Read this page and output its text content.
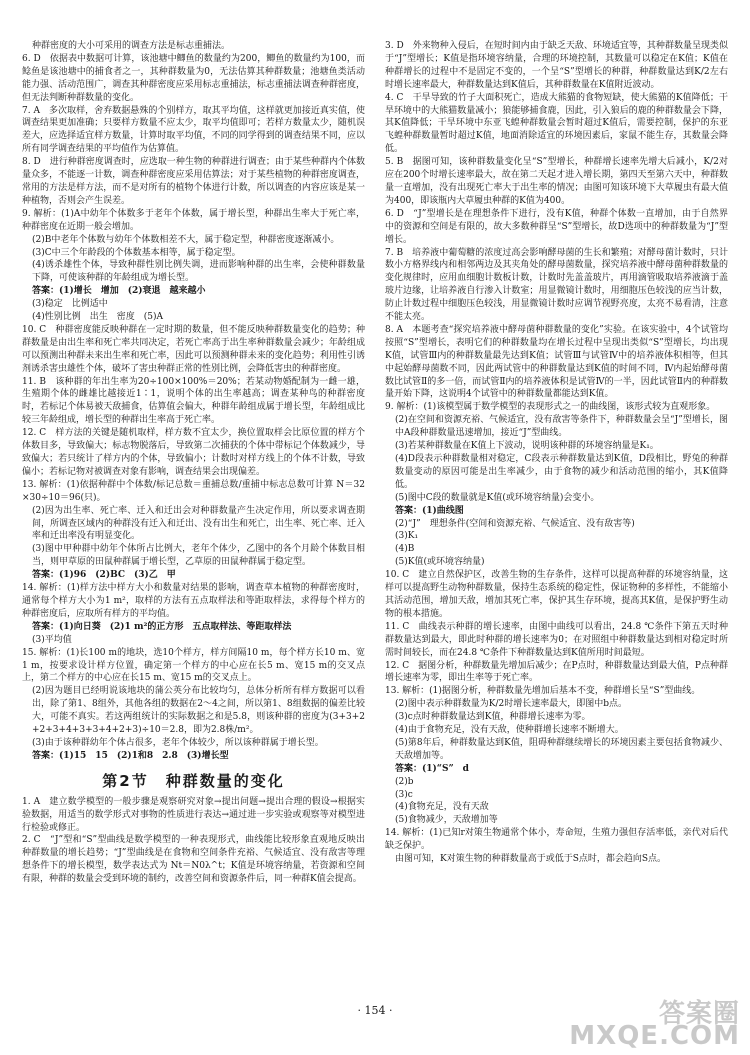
种群密度的大小可采用的调查方法是标志重捕法。

6. D　依据表中数据可计算，该池塘中鲫鱼的数量约为200，鲫鱼的数量约为100，而鲶鱼是该池塘中的捕食者之一，其种群数量为0，无法估算其种群数量；池塘鱼类活动能力强、活动范围广，调查其种群密度应采用标志重捕法，标志重捕法调查种群密度，但无法判断种群数量的变化。

7. A　多次取样，舍弃数据悬殊的个别样方，取其平均值，这样就更加接近真实值，使调查结果更加准确；只要样方数量不应太少，取平均值即可；若样方数量太少，随机误差大，应选择适宜样方数量，计算时取平均值，不同的同学得到的调查结果不同，应以所有同学调查结果的平均值作为估算值。

8. D　进行种群密度调查时，应选取一种生物的种群进行调查；由于某些种群内个体数量众多，不能逐一计数，调查种群密度应采用估算法；对于某些植物的种群密度调查，常用的方法是样方法，而不是对所有的植物个体进行计数，所以调查的内容应该是某一种植物，否则会产生误差。

9. 解析：(1)A中幼年个体数多于老年个体数，属于增长型，种群出生率大于死亡率，种群密度在近期一般会增加。

(2)B中老年个体数与幼年个体数相差不大，属于稳定型，种群密度逐渐减小。

(3)C中三个年龄段的个体数基本相等，属于稳定型。

(4)诱杀雄性个体，导致种群性别比例失调，进而影响种群的出生率，会使种群数量下降，可使该种群的年龄组成为增长型。

答案：(1)增长　增加　(2)衰退　越来越小

(3)稳定　比例适中

(4)性别比例　出生　密度　(5)A

10. C　种群密度能反映种群在一定时期的数量，但不能反映种群数量变化的趋势；种群数量是由出生率和死亡率共同决定，若死亡率高于出生率种群数量会减少；年龄组成可以预测出种群未来出生率和死亡率，因此可以预测种群未来的变化趋势；利用性引诱剂诱杀害虫雄性个体，破坏了害虫种群正常的性别比例，会降低害虫的种群密度。

11. B　该种群的年出生率为20÷100×100%＝20%；若某动物婚配制为一雌一雄，生殖期个体的雌雄比越接近1∶1，说明个体的出生率越高；调查某种鸟的种群密度时，若标记个体易被天敌捕食，估算值会偏大，种群年龄组成属于增长型，年龄组成比较三年龄组成，增长型的种群出生率高于死亡率。

12. C　样方法的关键是随机取样，样方数不宜太少，换位置取样会比原位置的样方个体数目多，导致偏大；标志物脱落后，导致第二次捕获的个体中带标记个体数减少，导致偏大；若只统计了样方内的个体，导致偏小；计数时对样方线上的个体不计数，导致偏小；若标记物对被调查对象有影响，调查结果会出现偏差。

13. 解析：(1)依据种群中个体数/标记总数＝重捕总数/重捕中标志总数可计算 N＝32×30÷10＝96(只)。

(2)因为出生率、死亡率、迁入和迁出会对种群数量产生决定作用，所以要求调查期间，所调查区域内的种群没有迁入和迁出、没有出生和死亡，出生率、死亡率、迁入率和迁出率没有明显变化。

(3)图中甲种群中幼年个体所占比例大，老年个体少，乙图中的各个月龄个体数目相当，则甲草原的田鼠种群属于增长型，乙草原的田鼠种群属于稳定型。

答案：(1)96　(2)BC　(3)乙　甲

14. 解析：(1)样方法中样方大小和数量对结果的影响，调查草本植物的种群密度时，通常每个样方大小为1 m²，取样的方法有五点取样法和等距取样法，求得每个样方的种群密度后，应取所有样方的平均值。

答案：(1)向日葵　(2)1 m²的正方形　五点取样法、等距取样法

(3)平均值

15. 解析：(1)长100 m的地块，选10个样方，样方间隔10 m，每个样方长10 m、宽 1 m，按要求设计样方位置，确定第一个样方的中心应在长5 m、宽15 m的交叉点上，第二个样方的中心应在长15 m、宽15 m的交叉点上。

(2)因为题目已经明说该地块的蒲公英分布比较均匀，总体分析所有样方数据可以看出，除了第1、8组外，其他各组的数据在2～4之间，所以第1、8组数据的偏差比较大，可能不真实。若这两组统计的实际数据之和是5.8，则该种群的密度为(3+3+2+2+3+4+3+3+4+2+3)÷10＝2.8，即为2.8株/m²。

(3)由于该种群幼年个体占很多，老年个体较少，所以该种群属于增长型。

答案：(1)15　15　(2)1和8　2.8　(3)增长型

第2节　种群数量的变化

1. A　建立数学模型的一般步骤是观察研究对象→提出问题→提出合理的假设→根据实验数据，用适当的数学形式对事物的性质进行表达→通过进一步实验或观察等对模型进行检验或修正。

2. C　“J”型和“S”型曲线是数学模型的一种表现形式，曲线能比较形象直观地反映出种群数量的增长趋势；“J”型曲线是在食物和空间条件充裕、气候适宜、没有敌害等理想条件下的增长模型，数学表达式为 Nt＝N0λ^t；K值是环境容纳量，若资源和空间有限，种群的数量会受到环境的制约，改善空间和资源条件后，同一种群K值会提高。

3. D　外来物种入侵后，在短时间内由于缺乏天敌、环境适宜等，其种群数量呈现类似于“J”型增长；K值是指环境容纳量，合理的环境控制，其数量可以稳定在K值；K值在种群增长的过程中不是固定不变的，一个呈“S”型增长的种群，种群数量达到K/2左右时增长速率最大，种群数量达到K值后，其种群数量在K值附近波动。

4. C　干旱导致的竹子大面积死亡，造成大熊猫的食物短缺，使大熊猫的K值降低；干旱环境中的大熊猫数量减小；狼能够捕食鹿，因此，引入狼后的鹿的种群数量会下降，其K值降低；干旱环境中东亚飞蝗种群数量会暂时超过K值后，需要控制，保护的东亚飞蝗种群数量暂时超过K值，地面消除适宜的环境因素后，家鼠不能生存，其数量会降低。

5. B　据图可知，该种群数量变化呈“S”型增长，种群增长速率先增大后减小，K/2对应在200个时增长速率最大，故在第二天起才进入增长期，第四天至第六天中，种群数量一直增加，没有出现死亡率大于出生率的情况；由图可知该环境下大草履虫有最大值为400，即该瓶内大草履虫种群的K值为400。

6. D　“J”型增长是在理想条件下进行，没有K值，种群个体数一直增加，由于自然界中的资源和空间是有限的，故大多数种群呈“S”型增长，故D选项中的种群数量为“J”型增长。

7. B　培养液中葡萄糖的浓度过高会影响酵母菌的生长和繁殖；对酵母菌计数时，只计数小方格界线内和相邻两边及其夹角处的酵母菌数量，探究培养液中酵母菌种群数量的变化规律时，应用血细胞计数板计数，计数时先盖盖玻片，再用滴管吸取培养液滴于盖玻片边缘，让培养液自行渗入计数室；用显微镜计数时，用细胞压色较浅的应当计数，防止计数过程中细胞压色较浅，用显微镜计数时应调节视野亮度，太亮不易看清，注意不能太亮。

8. A　本题考查“探究培养液中酵母菌种群数量的变化”实验。在该实验中，4个试管均按照“S”型增长，表明它们的种群数量均在增长过程中呈现出类似“S”型增长，均出现K值，试管Ⅲ内的种群数量最先达到K值；试管Ⅲ与试管Ⅳ中的培养液体积相等，但其中起始酵母菌数不同，因此两试管中的种群数量达到K值的时间不同，Ⅳ内起始酵母菌数比试管Ⅱ的多一倍，而试管Ⅱ内的培养液体积是试管Ⅳ的一半，因此试管Ⅱ内的种群数量开始下降，这说明4个试管中的种群数量都能达到K值。

9. 解析：(1)该模型属于数学模型的表现形式之一的曲线图，该形式较为直观形象。

(2)在空间和资源充裕、气候适宜，没有敌害等条件下，种群数量会呈“J”型增长，图中A段种群数量迅速增加，接近“J”型曲线。

(3)若某种群数量在K值上下波动，说明该种群的环境容纳量是K₁。

(4)D段表示种群数量相对稳定，C段表示种群数量达到K值，D段相比，野兔的种群数量变动的原因可能是出生率减少，由于食物的减少和活动范围的缩小，其K值降低。

(5)图中C段的数量就是K值(或环境容纳量)会变小。

答案：(1)曲线图

(2)“J”　理想条件(空间和资源充裕、气候适宜、没有敌害等)

(3)K₁

(4)B

(5)K值(或环境容纳量)

10. C　建立自然保护区，改善生物的生存条件，这样可以提高种群的环境容纳量，这样可以提高野生动物种群数量，保持生态系统的稳定性，保证物种的多样性，不能缩小其活动范围，增加天敌，增加其死亡率，保护其生存环境，提高其K值，是保护野生动物的根本措施。

11. C　曲线表示种群的增长速率，由图中曲线可以看出，24.8 ℃条件下第五天时种群数量达到最大，即此时种群的增长速率为0；在对照组中种群数量达到相对稳定时所需时间较长，而在24.8 ℃条件下种群数量达到K值所用时间最短。

12. C　据图分析，种群数量先增加后减少；在P点时，种群数量达到最大值，P点种群增长速率为零，即出生率等于死亡率。

13. 解析：(1)据图分析，种群数量先增加后基本不变，种群增长呈“S”型曲线。

(2)图中表示种群数量为K/2时增长速率最大，即图中b点。

(3)c点时种群数量达到K值，种群增长速率为零。

(4)由于食物充足，没有天敌，使种群增长速率不断增大。

(5)第8年后，种群数量达到K值，阻碍种群继续增长的环境因素主要包括食物减少、天敌增加等。

答案：(1)“S”　d

(2)b

(3)c

(4)食物充足，没有天敌

(5)食物减少，天敌增加等

14. 解析：(1)已知r对策生物通常个体小，寿命短，生殖力强但存活率低，亲代对后代缺乏保护。

由图可知，K对策生物的种群数量高于或低于S点时，都会趋向S点。

· 154 ·	答案圈
MXQE.COM
